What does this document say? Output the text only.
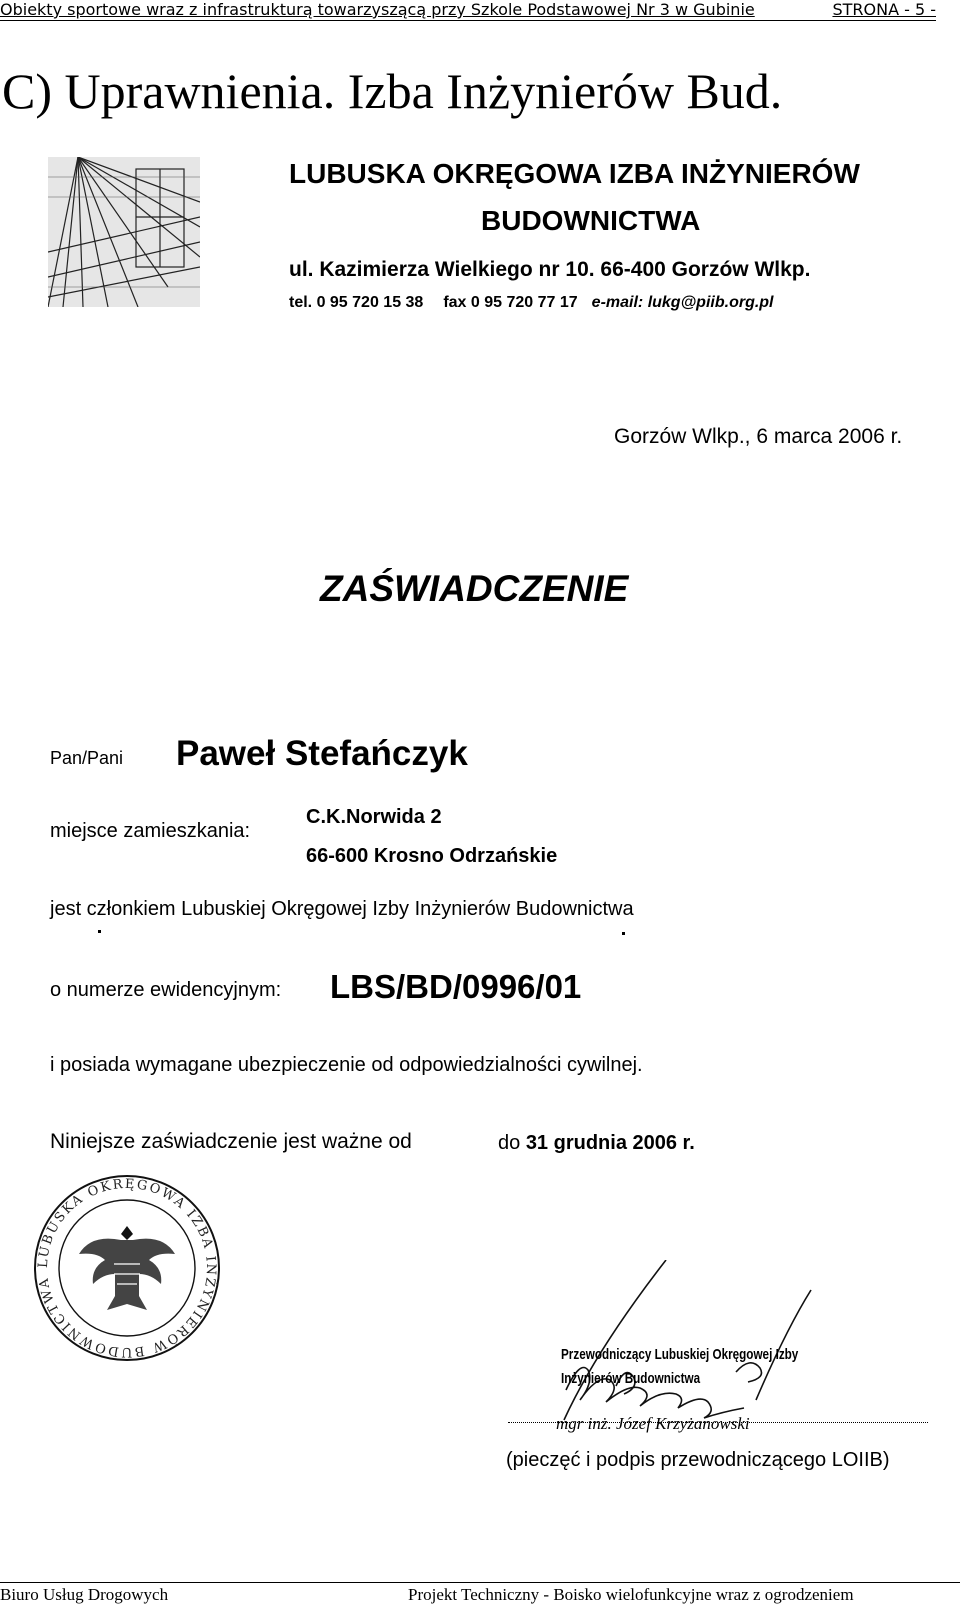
Obiekty sportowe wraz z infrastrukturą towarzyszącą przy Szkole Podstawowej Nr 3 w Gubinie	STRONA - 5 -
C) Uprawnienia. Izba Inżynierów Bud.
LUBUSKA OKRĘGOWA IZBA INŻYNIERÓW
BUDOWNICTWA
ul. Kazimierza Wielkiego nr 10. 66-400 Gorzów Wlkp.
tel. 0 95 720 15 38 fax 0 95 720 77 17 e-mail: lukg@piib.org.pl
Gorzów Wlkp., 6 marca 2006 r.
ZAŚWIADCZENIE
Pan/Pani Paweł Stefańczyk
miejsce zamieszkania:
C.K.Norwida 2
66-600 Krosno Odrzańskie
jest członkiem Lubuskiej Okręgowej Izby Inżynierów Budownictwa
o numerze ewidencyjnym: LBS/BD/0996/01
i posiada wymagane ubezpieczenie od odpowiedzialności cywilnej.
Niniejsze zaświadczenie jest ważne od	do 31 grudnia 2006 r.
LUBUSKA OKRĘGOWA IZBA INŻYNIERÓW BUDOWNICTWA
Przewodniczący Lubuskiej Okręgowej Izby
Inżynierów Budownictwa
mgr inż. Józef Krzyżanowski
(pieczęć i podpis przewodniczącego LOIIB)
Biuro Usług Drogowych	Projekt Techniczny - Boisko wielofunkcyjne wraz z ogrodzeniem
